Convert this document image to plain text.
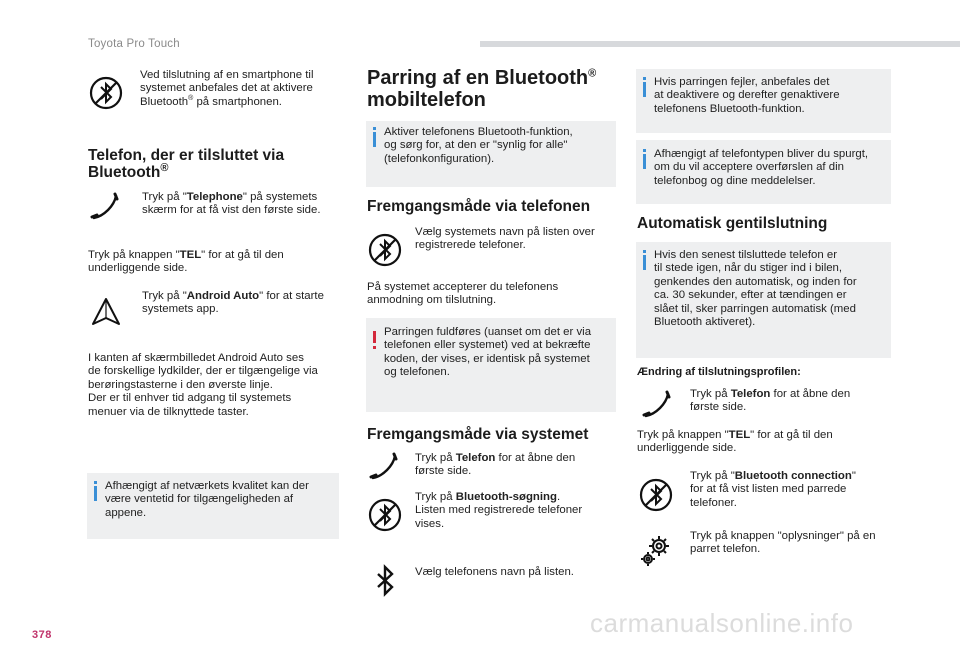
Toyota Pro Touch
Ved tilslutning af en smartphone til
systemet anbefales det at aktivere
Bluetooth® på smartphonen.
Telefon, der er tilsluttet via
Bluetooth®
Tryk på "Telephone" på systemets
skærm for at få vist den første side.
Tryk på knappen "TEL" for at gå til den
underliggende side.
Tryk på "Android Auto" for at starte
systemets app.
I kanten af skærmbilledet Android Auto ses
de forskellige lydkilder, der er tilgængelige via
berøringstasterne i den øverste linje.
Der er til enhver tid adgang til systemets
menuer via de tilknyttede taster.
Afhængigt af netværkets kvalitet kan der
være ventetid for tilgængeligheden af
appene.
Parring af en Bluetooth®
mobiltelefon
Aktiver telefonens Bluetooth-funktion,
og sørg for, at den er "synlig for alle"
(telefonkonfiguration).
Fremgangsmåde via telefonen
Vælg systemets navn på listen over
registrerede telefoner.
På systemet accepterer du telefonens
anmodning om tilslutning.
Parringen fuldføres (uanset om det er via
telefonen eller systemet) ved at bekræfte
koden, der vises, er identisk på systemet
og telefonen.
Fremgangsmåde via systemet
Tryk på Telefon for at åbne den
første side.
Tryk på Bluetooth-søgning.
Listen med registrerede telefoner
vises.
Vælg telefonens navn på listen.
Hvis parringen fejler, anbefales det
at deaktivere og derefter genaktivere
telefonens Bluetooth-funktion.
Afhængigt af telefontypen bliver du spurgt,
om du vil acceptere overførslen af din
telefonbog og dine meddelelser.
Automatisk gentilslutning
Hvis den senest tilsluttede telefon er
til stede igen, når du stiger ind i bilen,
genkendes den automatisk, og inden for
ca. 30 sekunder, efter at tændingen er
slået til, sker parringen automatisk (med
Bluetooth aktiveret).
Ændring af tilslutningsprofilen:
Tryk på Telefon for at åbne den
første side.
Tryk på knappen "TEL" for at gå til den
underliggende side.
Tryk på "Bluetooth connection"
for at få vist listen med parrede
telefoner.
Tryk på knappen "oplysninger" på en
parret telefon.
378	carmanualsonline.info
